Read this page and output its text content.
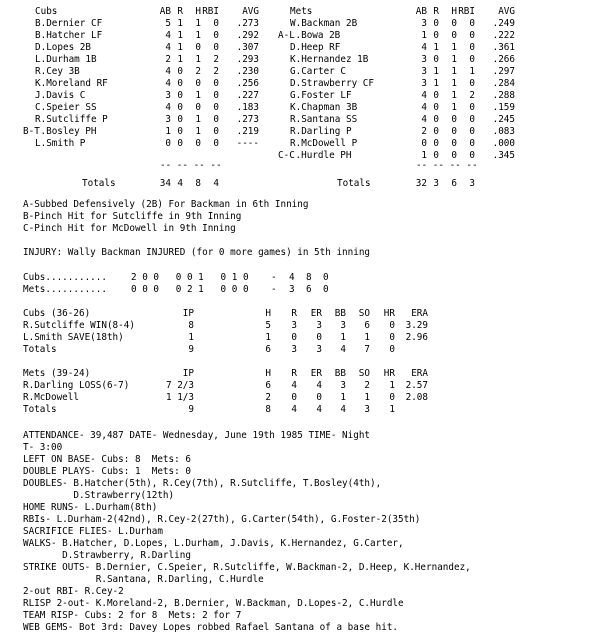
Cubs	AB R	H RBI	AVG
B.Dernier CF	5 1	1	0	.273
B.Hatcher LF	4 1	1	0	.292
D.Lopes 2B	4 1	0	0	.307
L.Durham 1B	2 1	1	2	.293
R.Cey 3B	4 0	2	2	.230
K.Moreland RF	4 0	0	0	.256
J.Davis C	3 0	1	0	.227
C.Speier SS	4 0	0	0	.183
R.Sutcliffe P	3 0	1	0	.273
B-T .Bosley PH	1 0	1	0	.219
L.Smith P	0 0	0	0	----
-- -- -- --
Totals	34 4	8	4
Mets	AB R	H RBI	AVG
W.Backman 2B	3 0	0	0	.249
A-L .Bowa 2B	1 0	0	0	.222
D.Heep RF	4 1	1	0	.361
K.Hernandez 1B	3 0	1	0	.266
G.Carter C	3 1	1	1	.297
D.Strawberry CF	3 1	1	0	.284
G.Foster LF	4 0	1	2	.288
K.Chapman 3B	4 0	1	0	.159
R.Santana SS	4 0	0	0	.245
R.Darling P	2 0	0	0	.083
R.McDowell P	0 0	0	0	.000
C-C .Hurdle PH	1 0	0	0	.345
-- -- -- --
Totals	32 3	6	3
A-Subbed Defensively (2B) For Backman in 6th Inning
B-Pinch Hit for Sutcliffe in 9th Inning
C-Pinch Hit for McDowell in 9th Inning
INJURY: Wally Backman INJURED (for 0 more games) in 5th inning
Cubs...........	2 0 0   0 0 1   0 1 0 - 4 8 0
Mets...........	0 0 0   0 2 1   0 0 0 - 3 6 0
Cubs (36-26)	IP	H	R	ER	BB	SO	HR	ERA
R.Sutcliffe WIN(8-4)	8	5	3	3	3	6	0	3.29
L.Smith SAVE(18th)	1	1	0	0	1	1	0	2.96
Totals	9	6	3	3	4	7	0
Mets (39-24)	IP	H	R	ER	BB	SO	HR	ERA
R.Darling LOSS(6-7)	7 2/3	6	4	4	3	2	1	2.57
R.McDowell	1 1/3	2	0	0	1	1	0	2.08
Totals	9	8	4	4	4	3	1
ATTENDANCE- 39,487 DATE- Wednesday, June 19th 1985 TIME- Night
T- 3:00
LEFT ON BASE- Cubs: 8  Mets: 6
DOUBLE PLAYS- Cubs: 1  Mets: 0
DOUBLES- B.Hatcher(5th), R.Cey(7th), R.Sutcliffe, T.Bosley(4th),
D.Strawberry(12th)
HOME RUNS- L.Durham(8th)
RBIs- L.Durham-2(42nd), R.Cey-2(27th), G.Carter(54th), G.Foster-2(35th)
SACRIFICE FLIES- L.Durham
WALKS- B.Hatcher, D.Lopes, L.Durham, J.Davis, K.Hernandez, G.Carter,
D.Strawberry, R.Darling
STRIKE OUTS- B.Dernier, C.Speier, R.Sutcliffe, W.Backman-2, D.Heep, K.Hernandez,
R.Santana, R.Darling, C.Hurdle
2-out RBI- R.Cey-2
RLISP 2-out- K.Moreland-2, B.Dernier, W.Backman, D.Lopes-2, C.Hurdle
TEAM RISP- Cubs: 2 for 8  Mets: 2 for 7
WEB GEMS- Bot 3rd: Davey Lopes robbed Rafael Santana of a base hit.
